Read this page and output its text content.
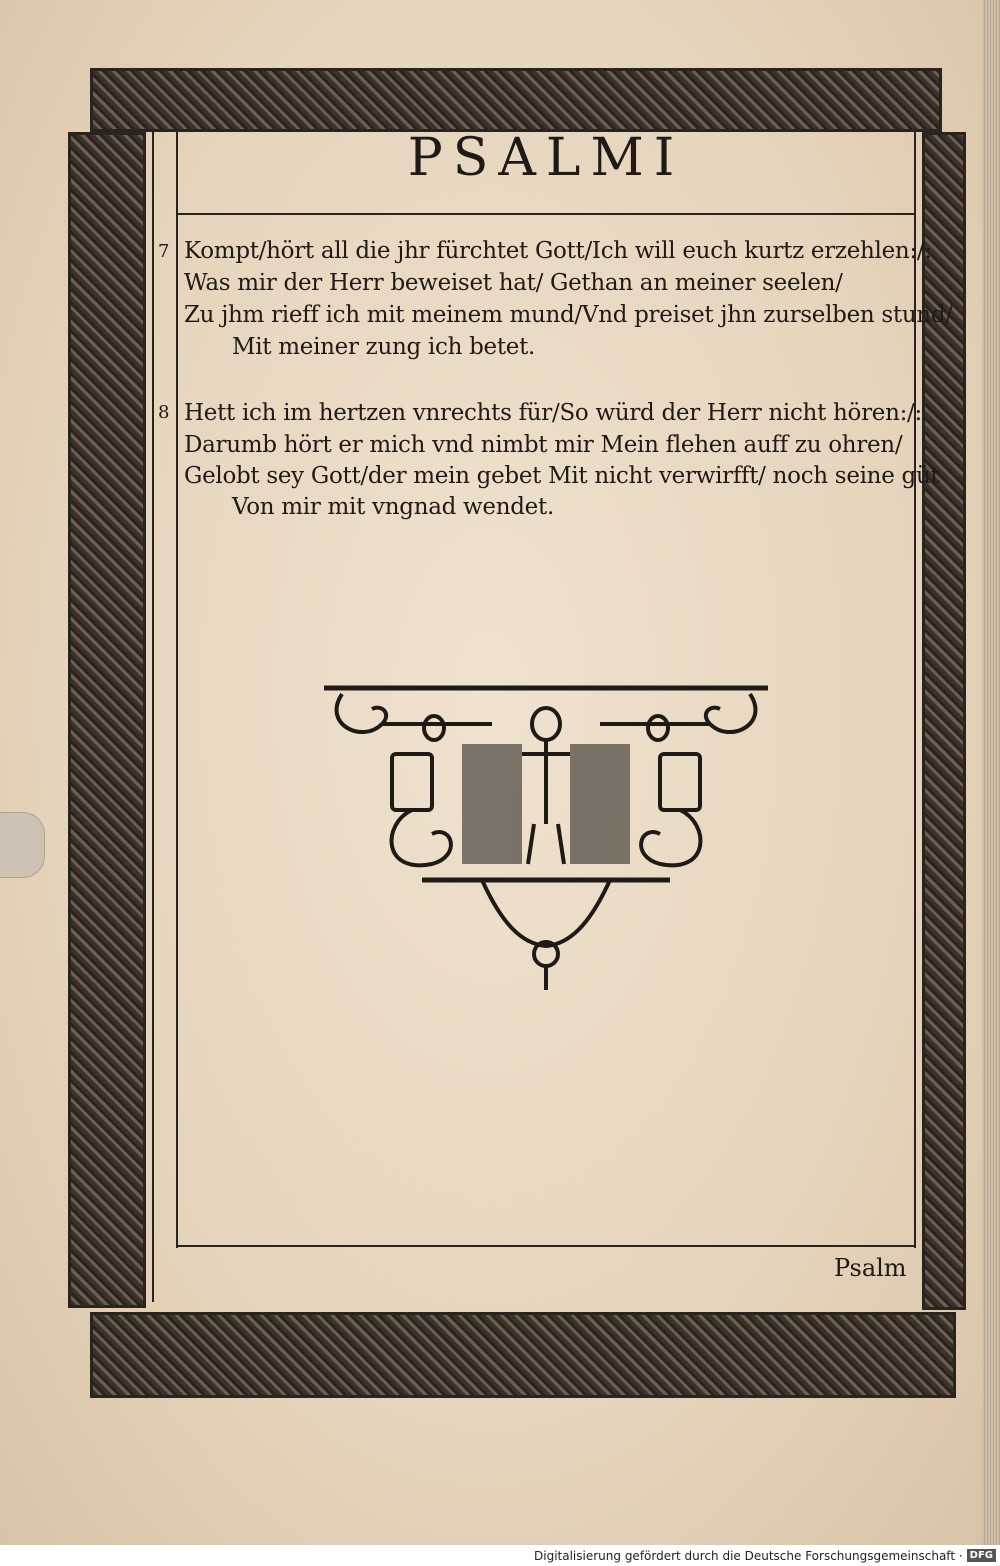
PSALMI
7 Kompt/hört all die jhr fürchtet Gott/Ich will euch kurtz erzehlen:/:
Was mir der Herr beweiset hat/ Gethan an meiner seelen/
Zu jhm rieff ich mit meinem mund/Vnd preiset jhn zurselben stund/
Mit meiner zung ich betet.
8 Hett ich im hertzen vnrechts für/So würd der Herr nicht hören:/:
Darumb hört er mich vnd nimbt mir Mein flehen auff zu ohren/
Gelobt sey Gott/der mein gebet Mit nicht verwirfft/ noch seine güt
Von mir mit vngnad wendet.
Psalm
Digitalisierung gefördert durch die Deutsche Forschungsgemeinschaft · DFG
